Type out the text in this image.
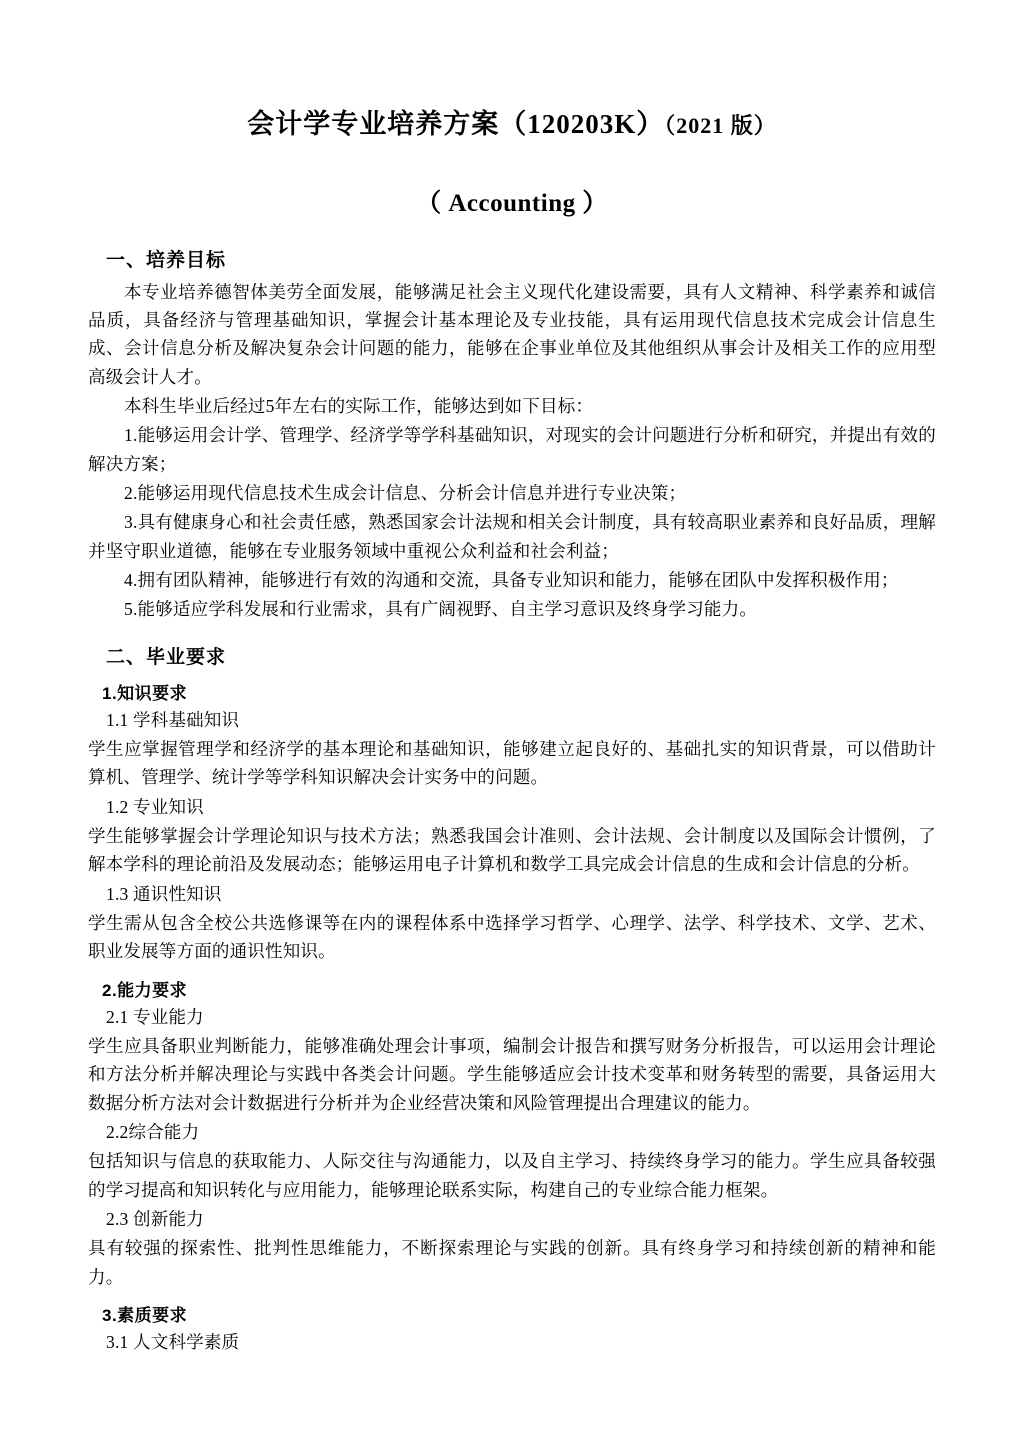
会计学专业培养方案（120203K）（2021 版）
（ Accounting ）
一、培养目标

本专业培养德智体美劳全面发展，能够满足社会主义现代化建设需要，具有人文精神、科学素养和诚信品质，具备经济与管理基础知识，掌握会计基本理论及专业技能，具有运用现代信息技术完成会计信息生成、会计信息分析及解决复杂会计问题的能力，能够在企事业单位及其他组织从事会计及相关工作的应用型高级会计人才。

本科生毕业后经过5年左右的实际工作，能够达到如下目标：

1.能够运用会计学、管理学、经济学等学科基础知识，对现实的会计问题进行分析和研究，并提出有效的解决方案；

2.能够运用现代信息技术生成会计信息、分析会计信息并进行专业决策；

3.具有健康身心和社会责任感，熟悉国家会计法规和相关会计制度，具有较高职业素养和良好品质，理解并坚守职业道德，能够在专业服务领域中重视公众利益和社会利益；

4.拥有团队精神，能够进行有效的沟通和交流，具备专业知识和能力，能够在团队中发挥积极作用；

5.能够适应学科发展和行业需求，具有广阔视野、自主学习意识及终身学习能力。

二、毕业要求
1.知识要求

1.1 学科基础知识

学生应掌握管理学和经济学的基本理论和基础知识，能够建立起良好的、基础扎实的知识背景，可以借助计算机、管理学、统计学等学科知识解决会计实务中的问题。

1.2 专业知识

学生能够掌握会计学理论知识与技术方法；熟悉我国会计准则、会计法规、会计制度以及国际会计惯例，了解本学科的理论前沿及发展动态；能够运用电子计算机和数学工具完成会计信息的生成和会计信息的分析。

1.3 通识性知识

学生需从包含全校公共选修课等在内的课程体系中选择学习哲学、心理学、法学、科学技术、文学、艺术、职业发展等方面的通识性知识。

2.能力要求

2.1 专业能力

学生应具备职业判断能力，能够准确处理会计事项，编制会计报告和撰写财务分析报告，可以运用会计理论和方法分析并解决理论与实践中各类会计问题。学生能够适应会计技术变革和财务转型的需要，具备运用大数据分析方法对会计数据进行分析并为企业经营决策和风险管理提出合理建议的能力。

2.2综合能力

包括知识与信息的获取能力、人际交往与沟通能力，以及自主学习、持续终身学习的能力。学生应具备较强的学习提高和知识转化与应用能力，能够理论联系实际，构建自己的专业综合能力框架。

2.3 创新能力

具有较强的探索性、批判性思维能力，不断探索理论与实践的创新。具有终身学习和持续创新的精神和能力。

3.素质要求

3.1 人文科学素质
